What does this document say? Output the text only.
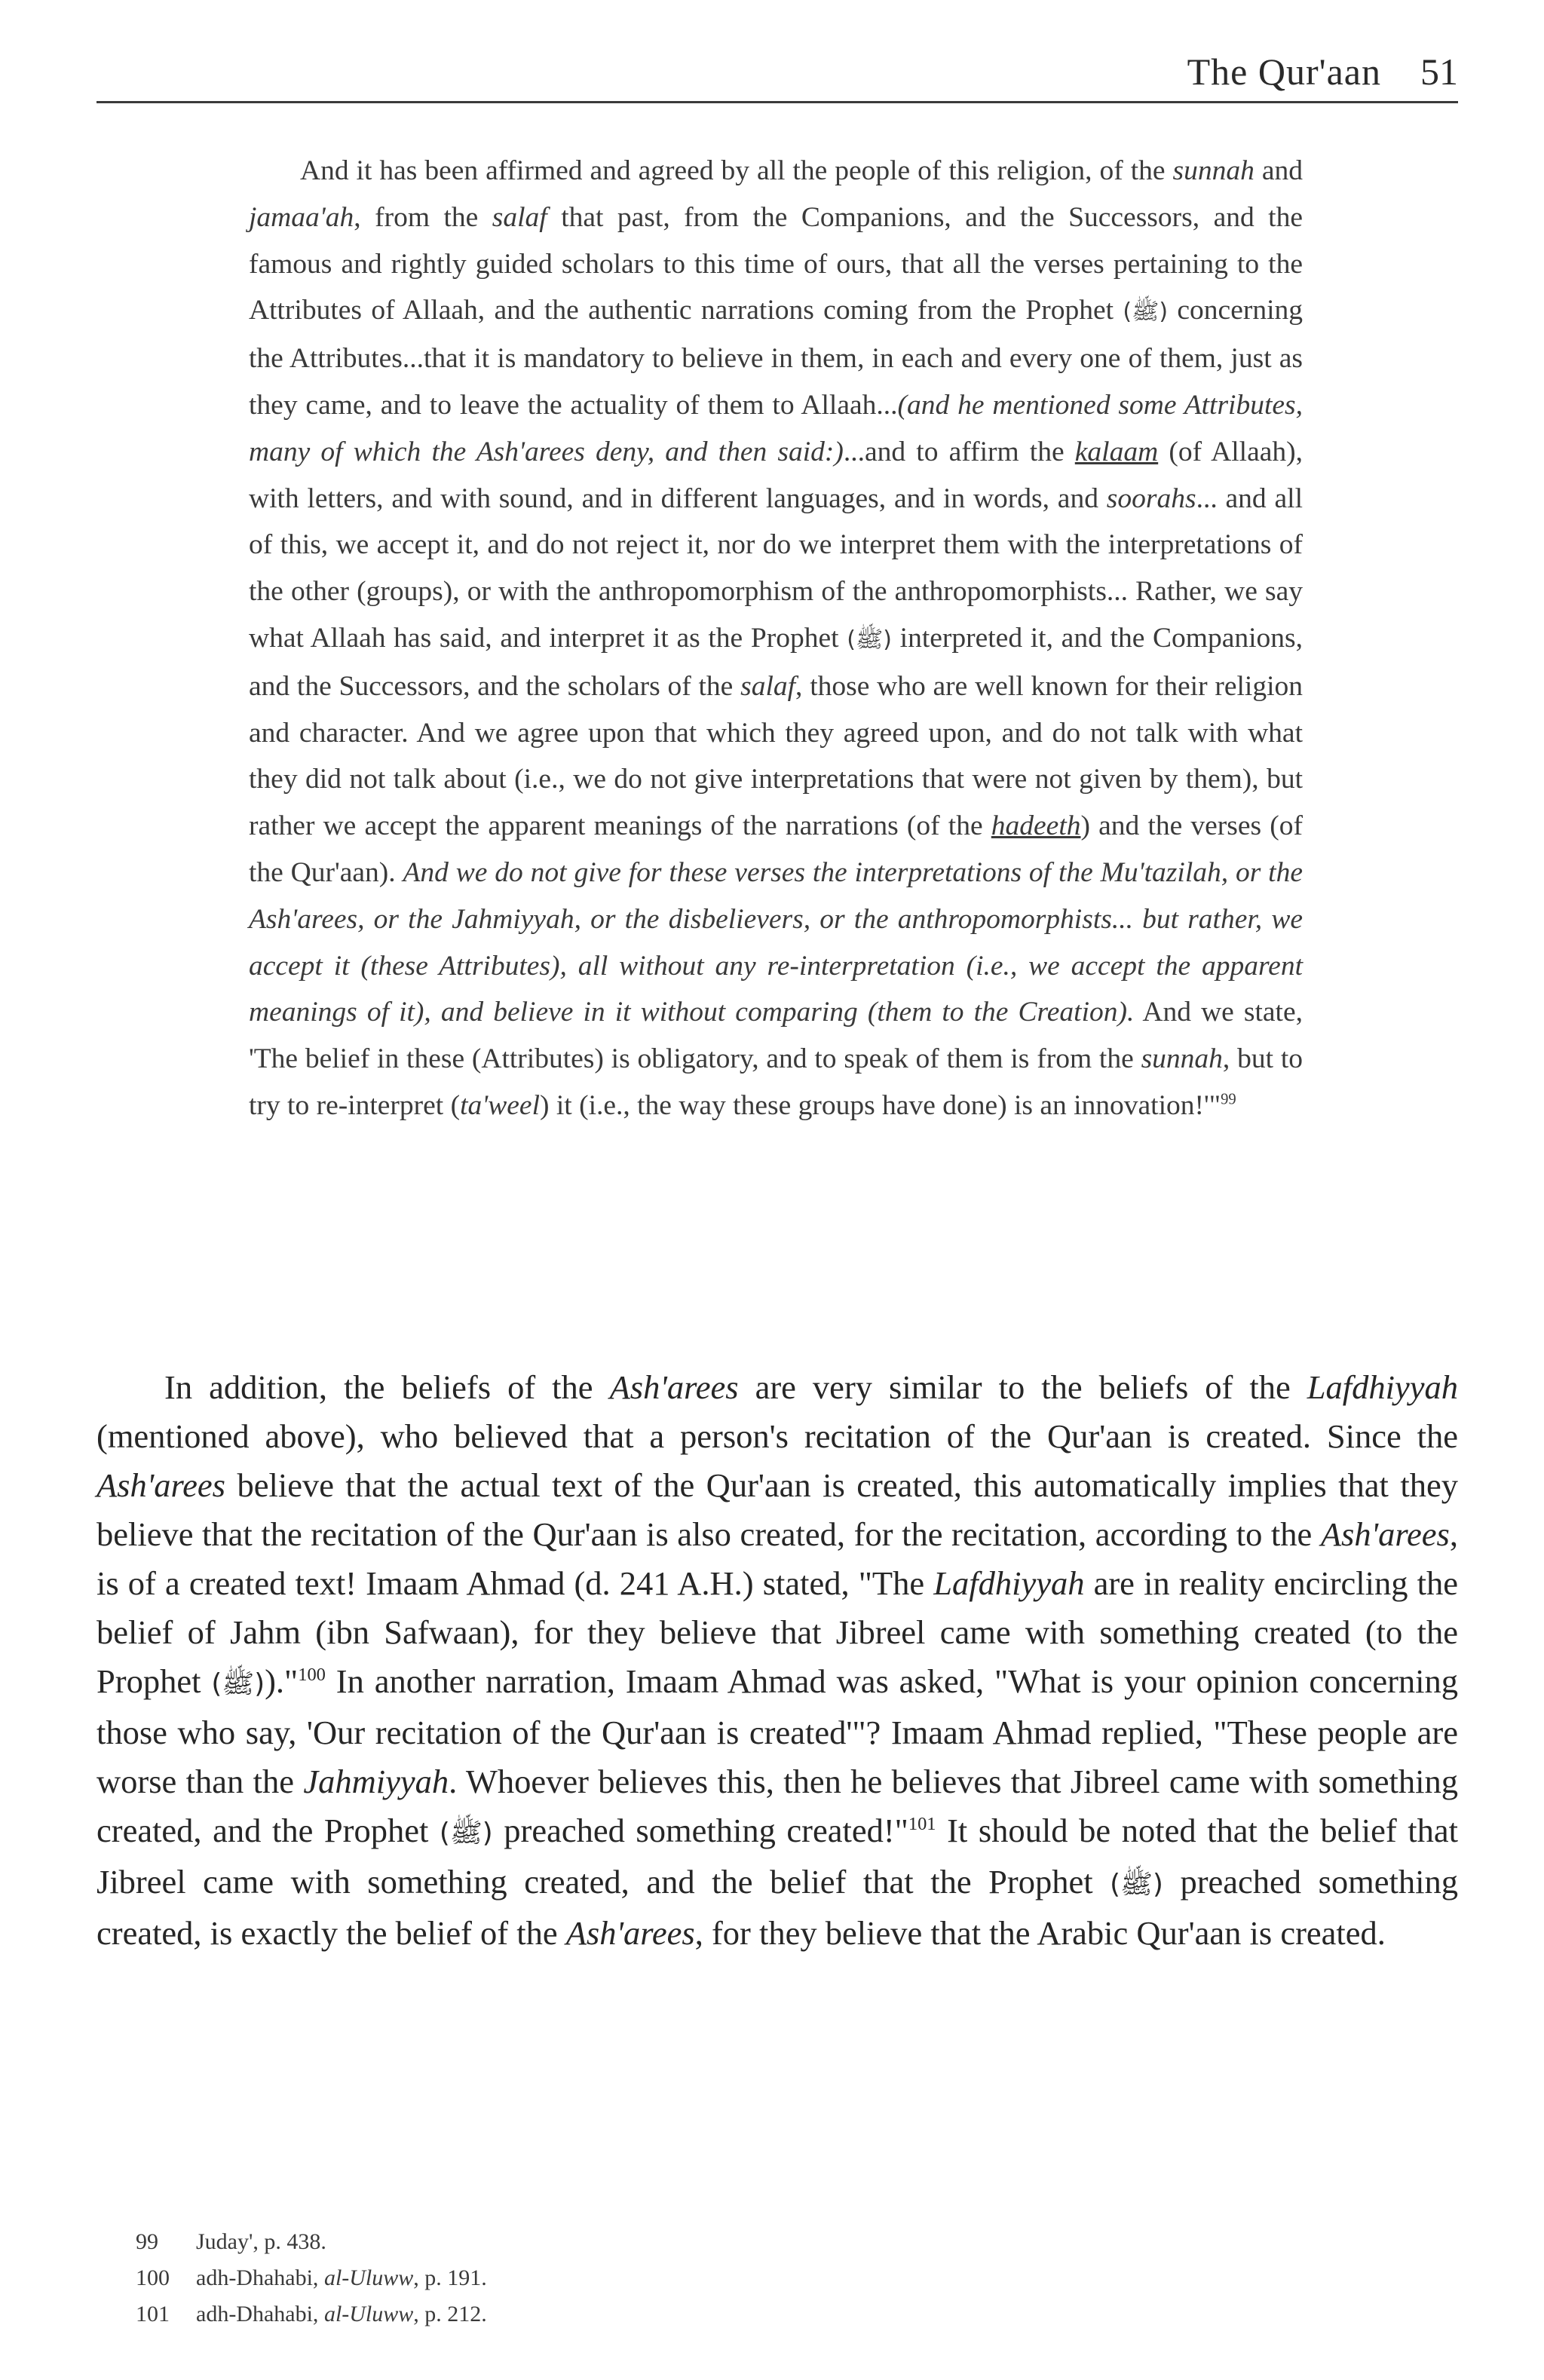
The Qur'aan 51

And it has been affirmed and agreed by all the people of this religion, of the sunnah and jamaa'ah, from the salaf that past, from the Companions, and the Successors, and the famous and rightly guided scholars to this time of ours, that all the verses pertaining to the Attributes of Allaah, and the authentic narrations coming from the Prophet (ﷺ) concerning the Attributes...that it is mandatory to believe in them, in each and every one of them, just as they came, and to leave the actuality of them to Allaah...(and he mentioned some Attributes, many of which the Ash'arees deny, and then said:)...and to affirm the kalaam (of Allaah), with letters, and with sound, and in different languages, and in words, and soorahs... and all of this, we accept it, and do not reject it, nor do we interpret them with the interpretations of the other (groups), or with the anthropomorphism of the anthropomorphists... Rather, we say what Allaah has said, and interpret it as the Prophet (ﷺ) interpreted it, and the Companions, and the Successors, and the scholars of the salaf, those who are well known for their religion and character. And we agree upon that which they agreed upon, and do not talk with what they did not talk about (i.e., we do not give interpretations that were not given by them), but rather we accept the apparent meanings of the narrations (of the hadeeth) and the verses (of the Qur'aan). And we do not give for these verses the interpretations of the Mu'tazilah, or the Ash'arees, or the Jahmiyyah, or the disbelievers, or the anthropomorphists... but rather, we accept it (these Attributes), all without any re-interpretation (i.e., we accept the apparent meanings of it), and believe in it without comparing (them to the Creation). And we state, 'The belief in these (Attributes) is obligatory, and to speak of them is from the sunnah, but to try to re-interpret (ta'weel) it (i.e., the way these groups have done) is an innovation!'"$^{99}$

In addition, the beliefs of the Ash'arees are very similar to the beliefs of the Lafdhiyyah (mentioned above), who believed that a person's recitation of the Qur'aan is created. Since the Ash'arees believe that the actual text of the Qur'aan is created, this automatically implies that they believe that the recitation of the Qur'aan is also created, for the recitation, according to the Ash'arees, is of a created text! Imaam Ahmad (d. 241 A.H.) stated, "The Lafdhiyyah are in reality encircling the belief of Jahm (ibn Safwaan), for they believe that Jibreel came with something created (to the Prophet (ﷺ))."$^{100}$ In another narration, Imaam Ahmad was asked, "What is your opinion concerning those who say, 'Our recitation of the Qur'aan is created'"? Imaam Ahmad replied, "These people are worse than the Jahmiyyah. Whoever believes this, then he believes that Jibreel came with something created, and the Prophet (ﷺ) preached something created!"$^{101}$ It should be noted that the belief that Jibreel came with something created, and the belief that the Prophet (ﷺ) preached something created, is exactly the belief of the Ash'arees, for they believe that the Arabic Qur'aan is created.

99	Juday', p. 438.
100	adh-Dhahabi, al-Uluww, p. 191.
101	adh-Dhahabi, al-Uluww, p. 212.
